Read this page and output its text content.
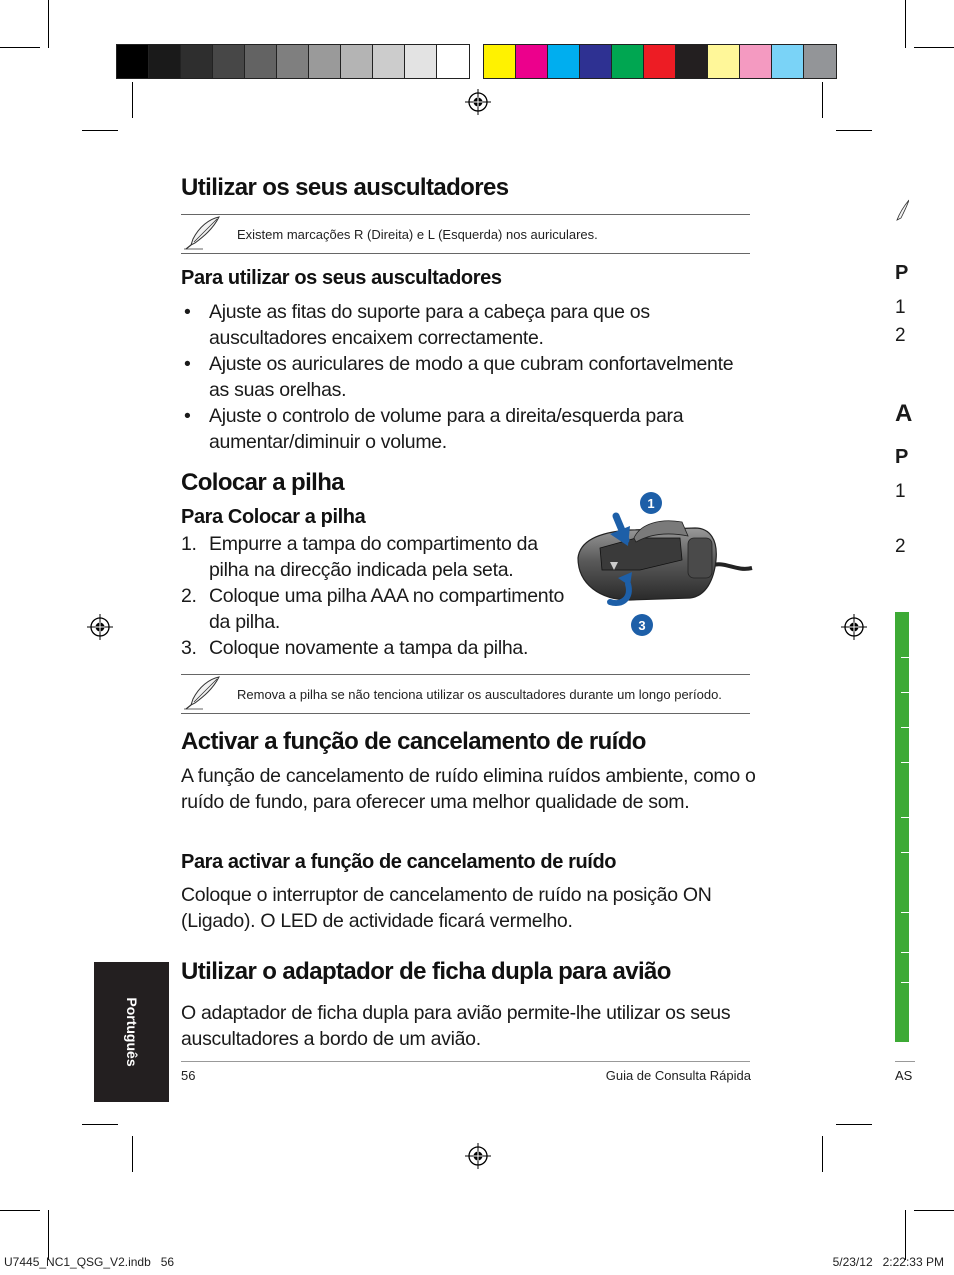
Utilizar os seus auscultadores
Existem marcações R (Direita) e L (Esquerda) nos auriculares.
Para utilizar os seus auscultadores
• Ajuste as fitas do suporte para a cabeça para que os auscultadores encaixem correctamente.
• Ajuste os auriculares de modo a que cubram confortavelmente as suas orelhas.
• Ajuste o controlo de volume para a direita/esquerda para aumentar/diminuir o volume.
Colocar a pilha
Para Colocar a pilha
1. Empurre a tampa do compartimento da pilha na direcção indicada pela seta.
2. Coloque uma pilha AAA no compartimento da pilha.
3. Coloque novamente a tampa da pilha.
1
3
Remova a pilha se não tenciona utilizar os auscultadores durante um longo período.
Activar a função de cancelamento de ruído
A função de cancelamento de ruído elimina ruídos ambiente, como o ruído de fundo, para oferecer uma melhor qualidade de som.
Para activar a função de cancelamento de ruído
Coloque o interruptor de cancelamento de ruído na posição ON (Ligado). O LED de actividade ficará vermelho.
Utilizar o adaptador de ficha dupla para avião
O adaptador de ficha dupla para avião permite-lhe utilizar os seus auscultadores a bordo de um avião.
Português
56	Guia de Consulta Rápida
U7445_NC1_QSG_V2.indb   56	5/23/12   2:22:33 PM
P
1
2
A
P
1
2
AS
